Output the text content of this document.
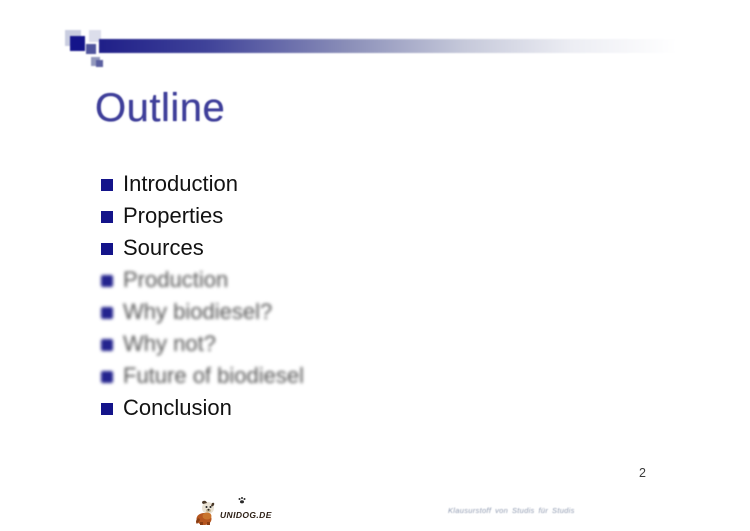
Outline
Introduction
Properties
Sources
Production
Why biodiesel?
Why not?
Future of biodiesel
Conclusion
2
UNIDOG.DE	Klausurstoff von Studis für Studis
